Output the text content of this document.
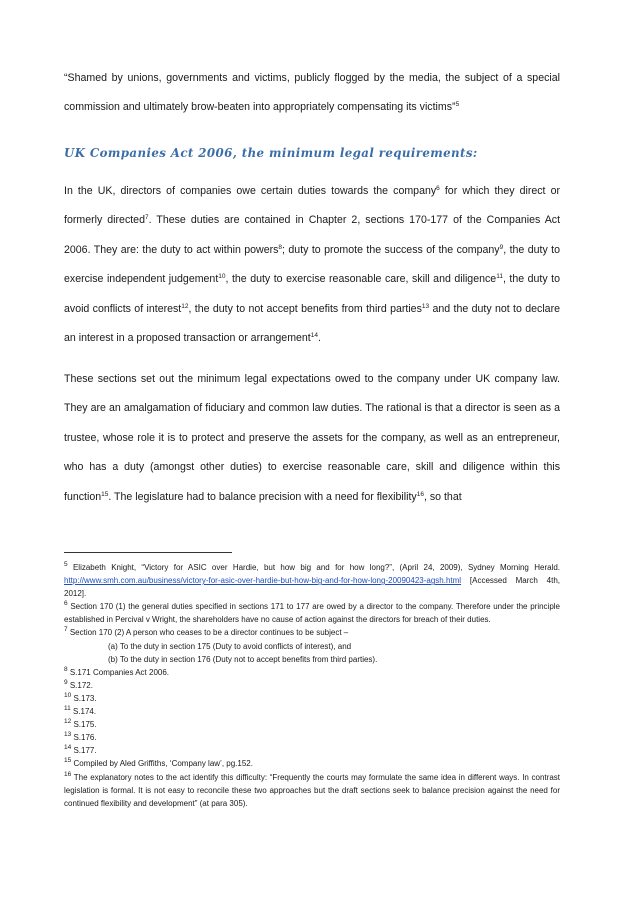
“Shamed by unions, governments and victims, publicly flogged by the media, the subject of a special commission and ultimately brow-beaten into appropriately compensating its victims”$^5$

UK Companies Act 2006, the minimum legal requirements:

In the UK, directors of companies owe certain duties towards the company$^6$ for which they direct or formerly directed$^7$. These duties are contained in Chapter 2, sections 170-177 of the Companies Act 2006. They are: the duty to act within powers$^8$; duty to promote the success of the company$^9$, the duty to exercise independent judgement$^{10}$, the duty to exercise reasonable care, skill and diligence$^{11}$, the duty to avoid conflicts of interest$^{12}$, the duty to not accept benefits from third parties$^{13}$ and the duty not to declare an interest in a proposed transaction or arrangement$^{14}$.

These sections set out the minimum legal expectations owed to the company under UK company law. They are an amalgamation of fiduciary and common law duties. The rational is that a director is seen as a trustee, whose role it is to protect and preserve the assets for the company, as well as an entrepreneur, who has a duty (amongst other duties) to exercise reasonable care, skill and diligence within this function$^{15}$. The legislature had to balance precision with a need for flexibility$^{16}$, so that

$^5$ Elizabeth Knight, “Victory for ASIC over Hardie, but how big and for how long?”, (April 24, 2009), Sydney Morning Herald. http://www.smh.com.au/business/victory-for-asic-over-hardie-but-how-big-and-for-how-long-20090423-agsh.html [Accessed March 4th, 2012].

$^6$ Section 170 (1) the general duties specified in sections 171 to 177 are owed by a director to the company. Therefore under the principle established in Percival v Wright, the shareholders have no cause of action against the directors for breach of their duties.

$^7$ Section 170 (2) A person who ceases to be a director continues to be subject –

(a) To the duty in section 175 (Duty to avoid conflicts of interest), and

(b) To the duty in section 176 (Duty not to accept benefits from third parties).

$^8$ S.171 Companies Act 2006.

$^9$ S.172.

$^{10}$ S.173.

$^{11}$ S.174.

$^{12}$ S.175.

$^{13}$ S.176.

$^{14}$ S.177.

$^{15}$ Compiled by Aled Griffiths, ‘Company law’, pg.152.

$^{16}$ The explanatory notes to the act identify this difficulty: “Frequently the courts may formulate the same idea in different ways. In contrast legislation is formal. It is not easy to reconcile these two approaches but the draft sections seek to balance precision against the need for continued flexibility and development” (at para 305).
